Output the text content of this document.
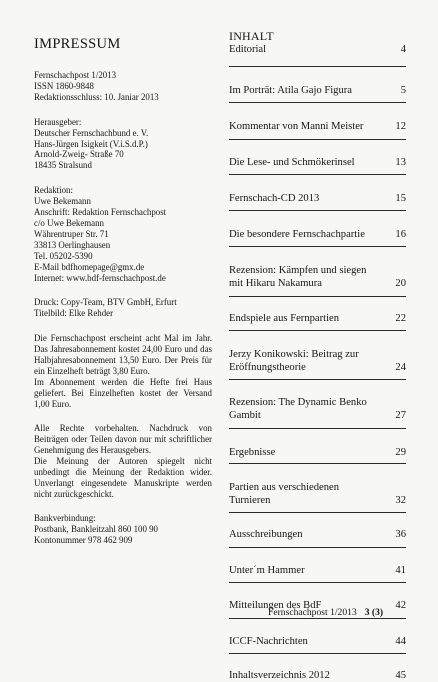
IMPRESSUM
Fernschachpost 1/2013
ISSN 1860-9848
Redaktionsschluss: 10. Janiar 2013
Herausgeber:
Deutscher Fernschachbund e. V.
Hans-Jürgen Isigkeit (V.i.S.d.P.)
Arnold-Zweig- Straße 70
18435 Stralsund
Redaktion:
Uwe Bekemann
Anschrift: Redaktion Fernschachpost
c/o Uwe Bekemann
Währentruper Str. 71
33813 Oerlinghausen
Tel. 05202-5390
E-Mail bdfhomepage@gmx.de
Internet: www.bdf-fernschachpost.de
Druck: Copy-Team, BTV GmbH, Erfurt
Titelbild: Elke Rehder

Die Fernschachpost erscheint acht Mal im Jahr. Das Jahresabonnement kostet 24,00 Euro und das Halbjahresabonnement 13,50 Euro. Der Preis für ein Einzelheft beträgt 3,80 Euro.

Im Abonnement werden die Hefte frei Haus geliefert. Bei Einzelheften kostet der Versand 1,00 Euro.

Alle Rechte vorbehalten. Nachdruck von Beiträgen oder Teilen davon nur mit schriftlicher Genehmigung des Herausgebers.

Die Meinung der Autoren spiegelt nicht unbedingt die Meinung der Redaktion wider. Unverlangt eingesendete Manuskripte werden nicht zurückgeschickt.

Bankverbindung:
Postbank, Bankleitzahl 860 100 90
Kontonummer 978 462 909
INHALT
Editorial	4
Im Porträt: Atila Gajo Figura	5
Kommentar von Manni Meister	12
Die Lese- und Schmökerinsel	13
Fernschach-CD 2013	15
Die besondere Fernschachpartie	16
Rezension: Kämpfen und siegen mit Hikaru Nakamura	20
Endspiele aus Fernpartien	22
Jerzy Konikowski: Beitrag zur Eröffnungstheorie	24
Rezension: The Dynamic Benko Gambit	27
Ergebnisse	29
Partien aus verschiedenen Turnieren	32
Ausschreibungen	36
Unter´m Hammer	41
Mitteilungen des BdF	42
ICCF-Nachrichten	44
Inhaltsverzeichnis 2012	45
Fernschachpost 1/2013 3 (3)
